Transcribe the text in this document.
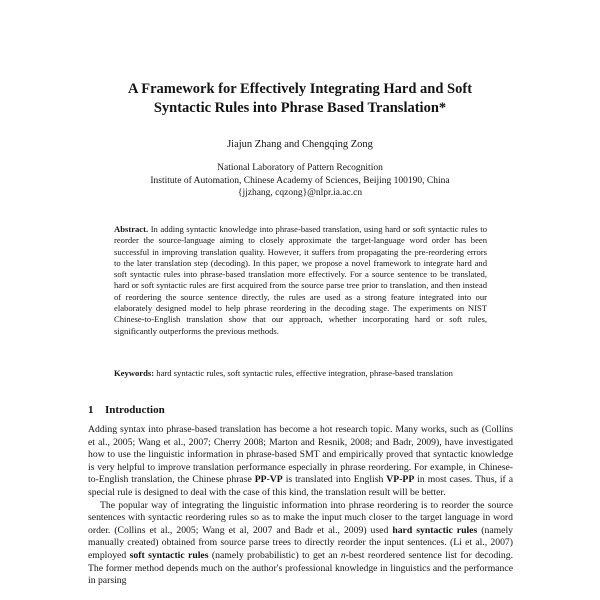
A Framework for Effectively Integrating Hard and Soft
Syntactic Rules into Phrase Based Translation*
Jiajun Zhang and Chengqing Zong
National Laboratory of Pattern Recognition
Institute of Automation, Chinese Academy of Sciences, Beijing 100190, China
{jjzhang, cqzong}@nlpr.ia.ac.cn
Abstract. In adding syntactic knowledge into phrase-based translation, using hard or soft syntactic rules to reorder the source-language aiming to closely approximate the target-language word order has been successful in improving translation quality. However, it suffers from propagating the pre-reordering errors to the later translation step (decoding). In this paper, we propose a novel framework to integrate hard and soft syntactic rules into phrase-based translation more effectively. For a source sentence to be translated, hard or soft syntactic rules are first acquired from the source parse tree prior to translation, and then instead of reordering the source sentence directly, the rules are used as a strong feature integrated into our elaborately designed model to help phrase reordering in the decoding stage. The experiments on NIST Chinese-to-English translation show that our approach, whether incorporating hard or soft rules, significantly outperforms the previous methods.
Keywords: hard syntactic rules, soft syntactic rules, effective integration, phrase-based translation
1 Introduction

Adding syntax into phrase-based translation has become a hot research topic. Many works, such as (Collins et al., 2005; Wang et al., 2007; Cherry 2008; Marton and Resnik, 2008; and Badr, 2009), have investigated how to use the linguistic information in phrase-based SMT and empirically proved that syntactic knowledge is very helpful to improve translation performance especially in phrase reordering. For example, in Chinese-to-English translation, the Chinese phrase PP-VP is translated into English VP-PP in most cases. Thus, if a special rule is designed to deal with the case of this kind, the translation result will be better.

The popular way of integrating the linguistic information into phrase reordering is to reorder the source sentences with syntactic reordering rules so as to make the input much closer to the target language in word order. (Collins et al., 2005; Wang et al, 2007 and Badr et al., 2009) used hard syntactic rules (namely manually created) obtained from source parse trees to directly reorder the input sentences. (Li et al., 2007) employed soft syntactic rules (namely probabilistic) to get an n-best reordered sentence list for decoding. The former method depends much on the author's professional knowledge in linguistics and the performance in parsing
